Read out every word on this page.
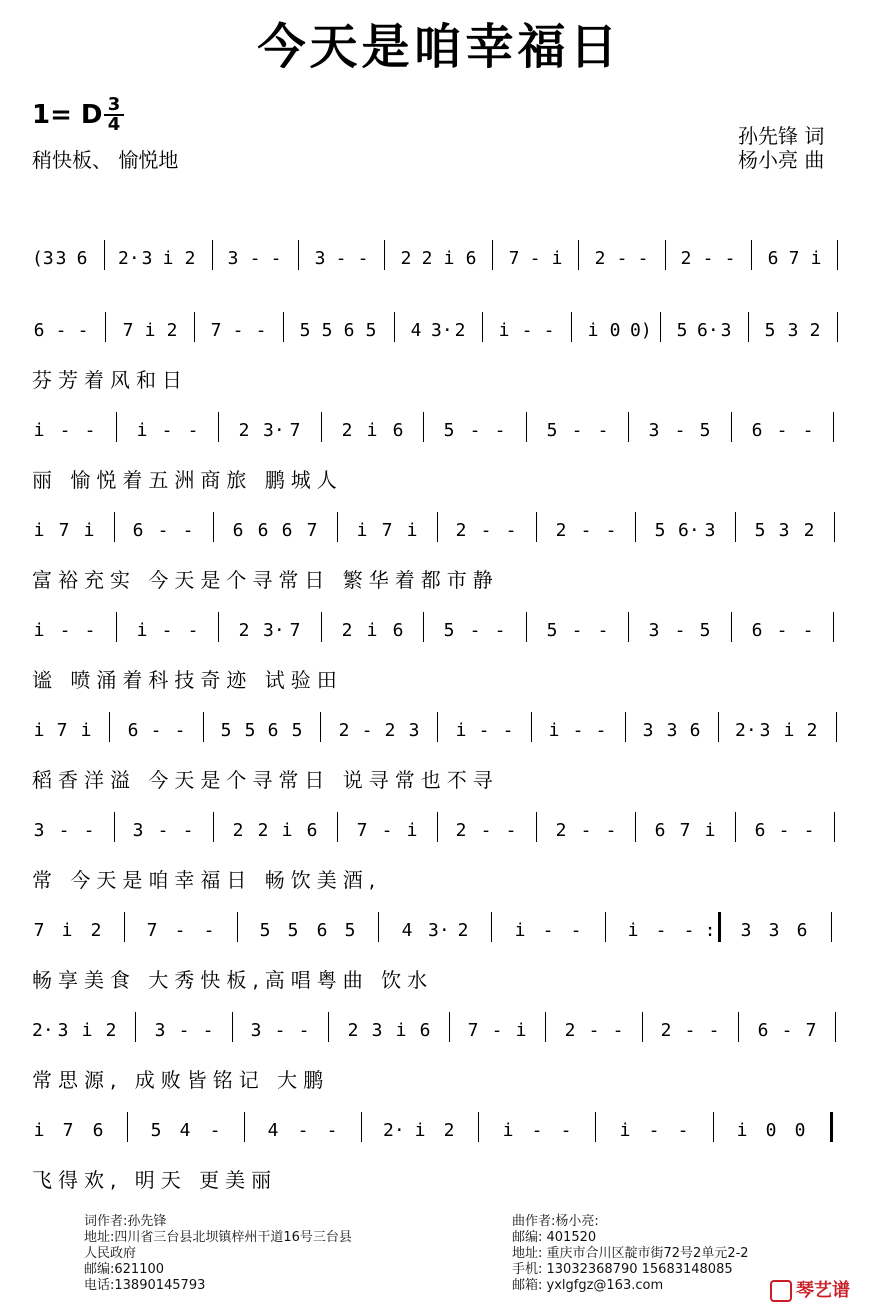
今天是咱幸福日
1= D $\frac{3}{4}$
稍快板、 愉悦地
孙先锋 词
杨小亮 曲
(3 3 6 2· 3 i 2 3 - - 3 - - 2 2 i 6 7 - i 2 - - 2 - - 6 7 i
6 - - 7 i 2 7 - - 5 5 6 5 4 3· 2 i - - i 0 0) 5 6· 3 5 3 2
芬芳着风和日
i - - i - - 2 3· 7 2 i 6 5 - - 5 - - 3 - 5 6 - -
丽 愉悦着五洲商旅 鹏城人
i 7 i 6 - - 6 6 6 7 i 7 i 2 - - 2 - - 5 6· 3 5 3 2
富裕充实 今天是个寻常日 繁华着都市静
i - - i - - 2 3· 7 2 i 6 5 - - 5 - - 3 - 5 6 - -
谧 喷涌着科技奇迹 试验田
i 7 i 6 - - 5 5 6 5 2 - 2 3 i - - i - - 3 3 6 2· 3 i 2
稻香洋溢 今天是个寻常日 说寻常也不寻
3 - - 3 - - 2 2 i 6 7 - i 2 - - 2 - - 6 7 i 6 - -
常 今天是咱幸福日 畅饮美酒,
7 i 2	7 - -	5 5 6 5	4 3· 2	i - -	i - - : 3 3 6
畅享美食 大秀快板,高唱粤曲 饮水
2· 3 i 2 3 - - 3 - - 2 3 i 6 7 - i 2 - - 2 - - 6 - 7
常思源, 成败皆铭记 大鹏
i 7 6	5 4 -	4 - -	2· i 2	i - -	i - -	i 0 0
飞得欢, 明天 更美丽
词作者:孙先锋
地址:四川省三台县北坝镇梓州干道16号三台县
人民政府
邮编:621100
电话:13890145793
曲作者:杨小亮:
邮编: 401520
地址: 重庆市合川区靛市街72号2单元2-2
手机: 13032368790 15683148085
邮箱: yxlgfgz@163.com	琴艺谱
